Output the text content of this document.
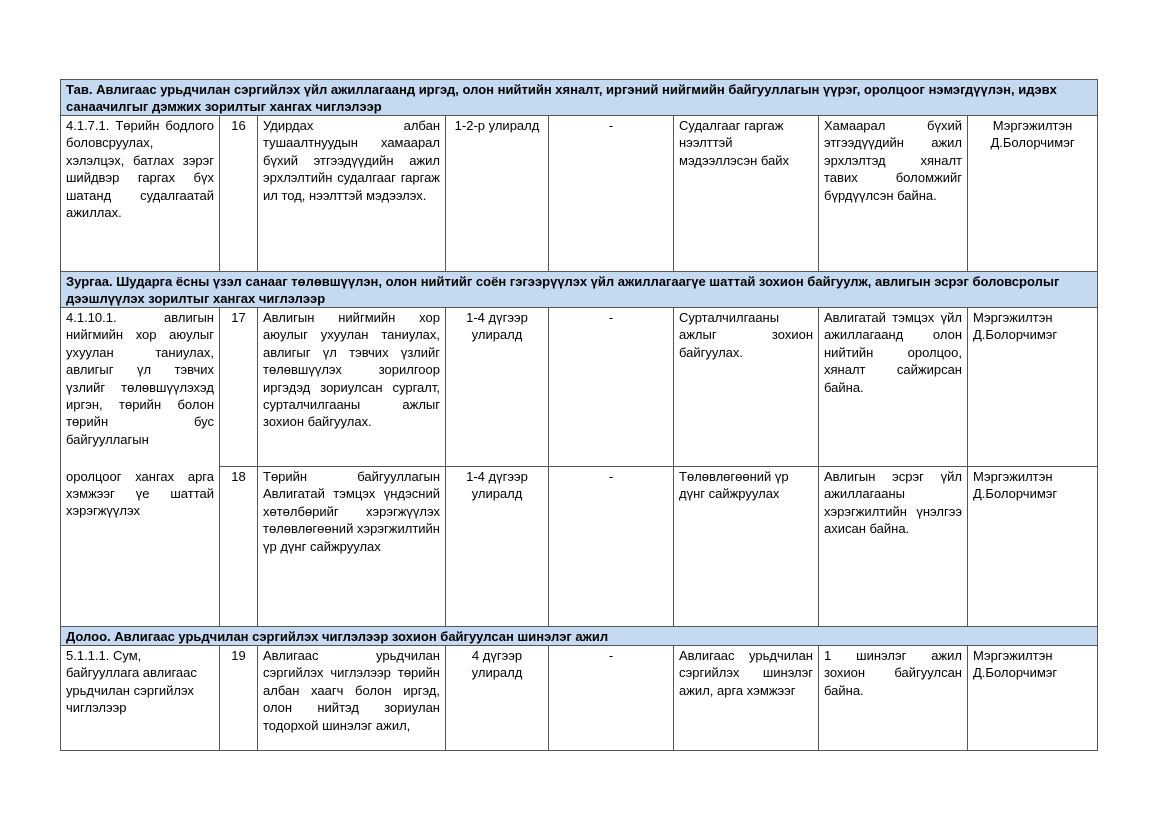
Тав. Авлигаас урьдчилан сэргийлэх үйл ажиллагаанд иргэд, олон нийтийн хяналт, иргэний нийгмийн байгууллагын үүрэг, оролцоог нэмэгдүүлэн, идэвх санаачилгыг дэмжих зорилтыг хангах чиглэлээр							
4.1.7.1. Төрийн бодлого боловсруулах, хэлэлцэх, батлах зэрэг шийдвэр гаргах бүх шатанд судалгаатай ажиллах.	16	Удирдах албан тушаалтнуудын хамаарал бүхий этгээдүүдийн ажил эрхлэлтийн судалгааг гаргаж ил тод, нээлттэй мэдээлэх.	1-2-р улиралд	-	Судалгааг гаргаж нээлттэй мэдээллэсэн байх	Хамаарал бүхий этгээдүүдийн ажил эрхлэлтэд хяналт тавих боломжийг бүрдүүлсэн байна.	Мэргэжилтэн Д.Болорчимэг
Зургаа. Шударга ёсны үзэл санааг төлөвшүүлэн, олон нийтийг соён гэгээрүүлэх үйл ажиллагаагүе шаттай зохион байгуулж, авлигын эсрэг боловсролыг дээшлүүлэх зорилтыг хангах чиглэлээр							
4.1.10.1. авлигын нийгмийн хор аюулыг ухуулан таниулах, авлигыг үл тэвчих үзлийг төлөвшүүлэхэд иргэн, төрийн болон төрийн бус байгууллагын	17	Авлигын нийгмийн хор аюулыг ухуулан таниулах, авлигыг үл тэвчих үзлийг төлөвшүүлэх зорилгоор иргэдэд зориулсан сургалт, сурталчилгааны ажлыг зохион байгуулах.	1-4 дүгээр улиралд	-	Сурталчилгааны ажлыг зохион байгуулах.	Авлигатай тэмцэх үйл ажиллагаанд олон нийтийн оролцоо, хяналт сайжирсан байна.	Мэргэжилтэн Д.Болорчимэг
оролцоог хангах арга хэмжээг үе шаттай хэрэгжүүлэх	18	Төрийн байгууллагын Авлигатай тэмцэх үндэсний хөтөлбөрийг хэрэгжүүлэх төлөвлөгөөний хэрэгжилтийн үр дүнг сайжруулах	1-4 дүгээр улиралд	-	Төлөвлөгөөний үр дүнг сайжруулах	Авлигын эсрэг үйл ажиллагааны хэрэгжилтийн үнэлгээ ахисан байна.	Мэргэжилтэн Д.Болорчимэг
Долоо. Авлигаас урьдчилан сэргийлэх чиглэлээр зохион байгуулсан шинэлэг ажил							
5.1.1.1. Сум, байгууллага авлигаас урьдчилан сэргийлэх чиглэлээр	19	Авлигаас урьдчилан сэргийлэх чиглэлээр төрийн албан хаагч болон иргэд, олон нийтэд зориулан тодорхой шинэлэг ажил,	4 дүгээр улиралд	-	Авлигаас урьдчилан сэргийлэх шинэлэг ажил, арга хэмжээг	1 шинэлэг ажил зохион байгуулсан байна.	Мэргэжилтэн Д.Болорчимэг
